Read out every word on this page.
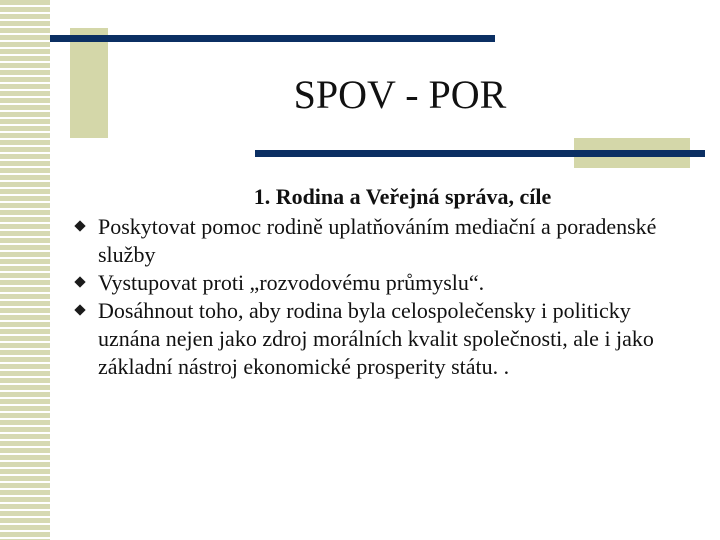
SPOV - POR
1. Rodina a Veřejná správa, cíle
Poskytovat pomoc rodině uplatňováním mediační a poradenské služby
Vystupovat proti „rozvodovému průmyslu“.
Dosáhnout toho, aby rodina byla celospolečensky i politicky uznána nejen jako zdroj morálních kvalit společnosti, ale i jako základní nástroj ekonomické prosperity státu. .
